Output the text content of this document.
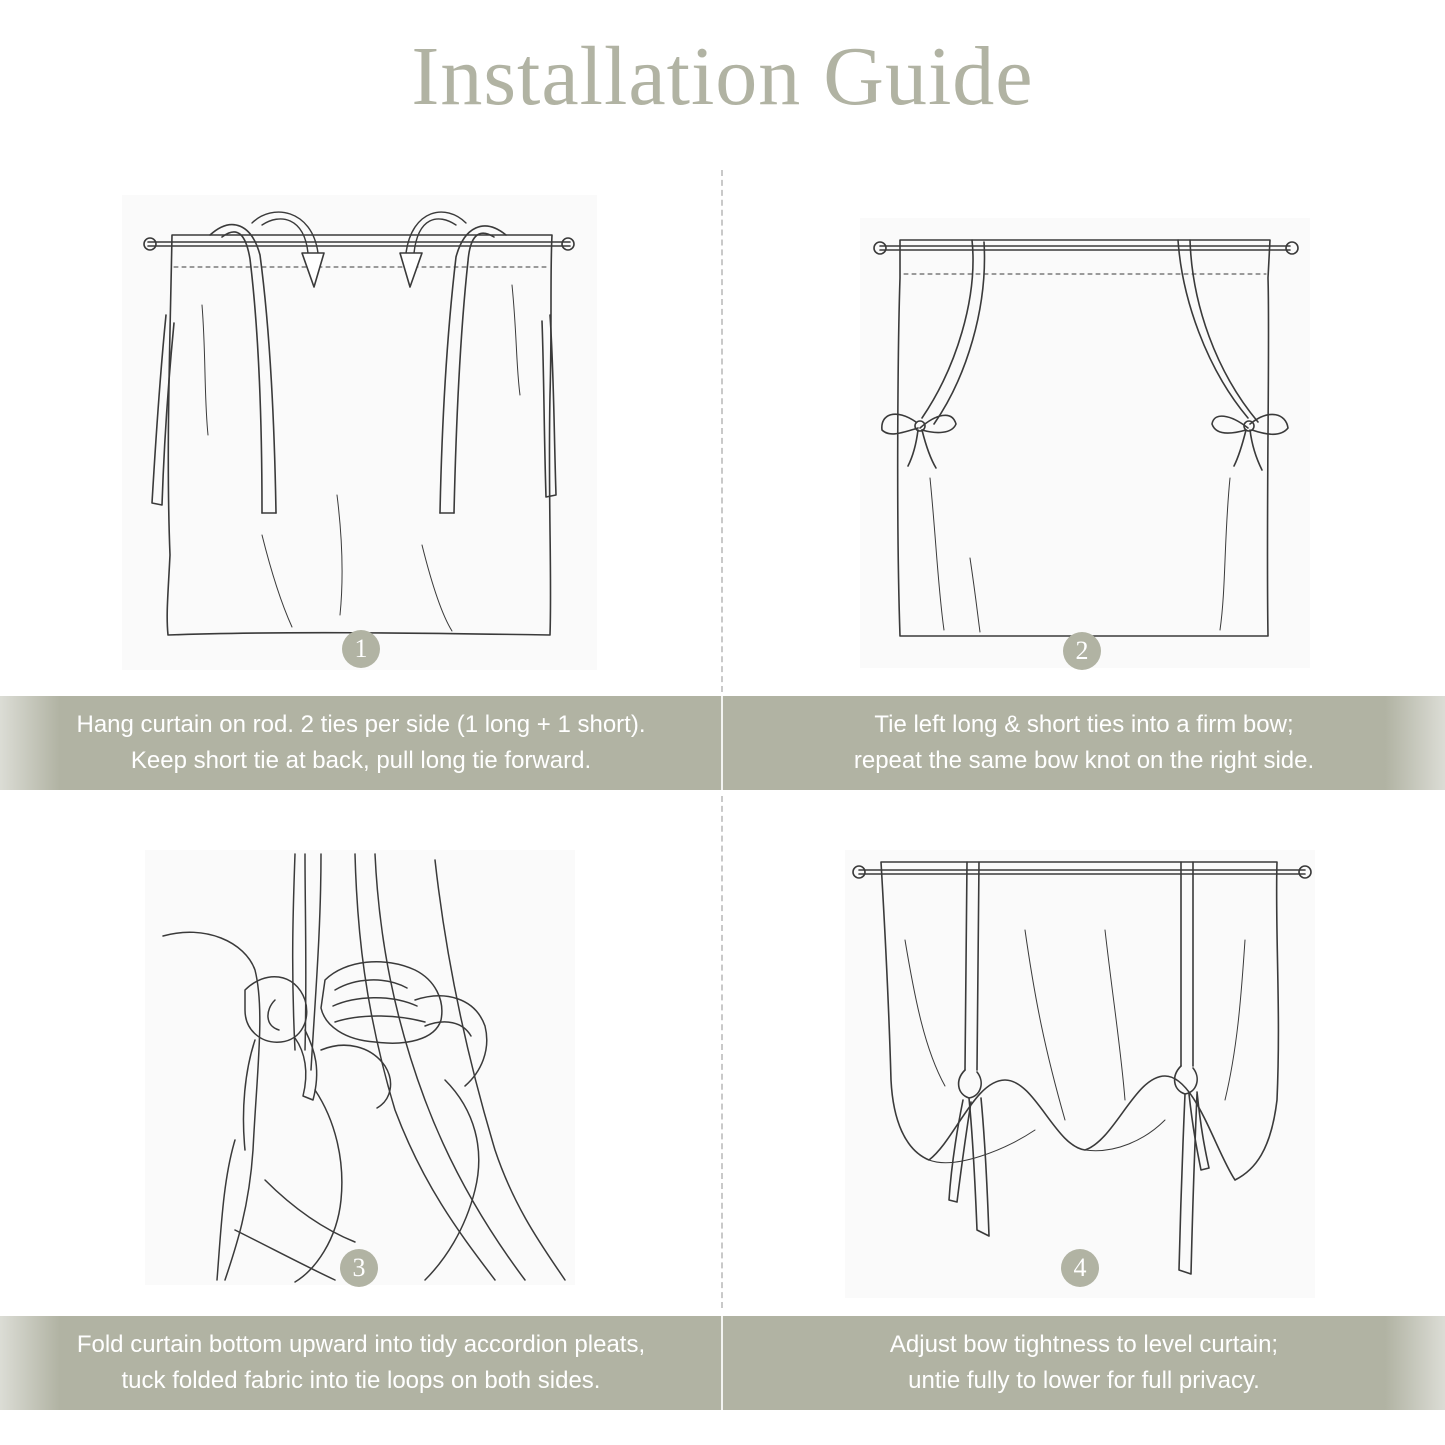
Installation Guide
1	2
Hang curtain on rod. 2 ties per side (1 long + 1 short).
Keep short tie at back, pull long tie forward.
Tie left long & short ties into a firm bow;
repeat the same bow knot on the right side.
3	4
Fold curtain bottom upward into tidy accordion pleats,
tuck folded fabric into tie loops on both sides.
Adjust bow tightness to level curtain;
untie fully to lower for full privacy.
